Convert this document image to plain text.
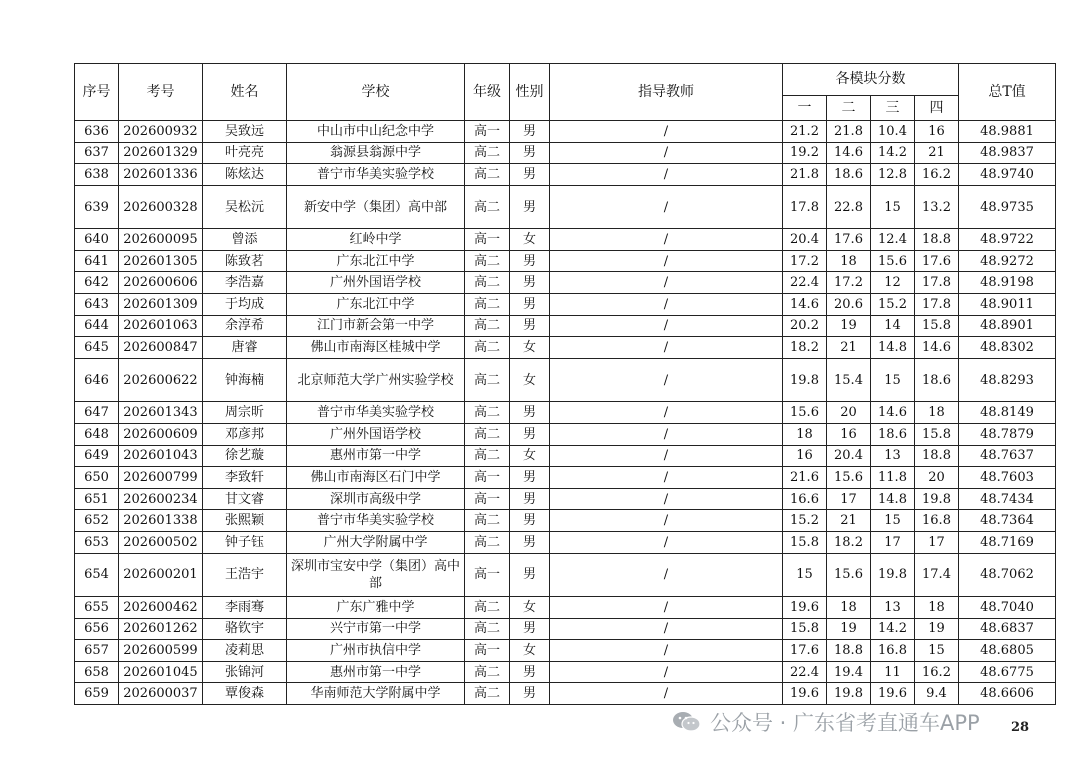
序号	考号	姓名	学校	年级	性别	指导教师	各模块分数				总T值
							一	二	三	四	
636	202600932	吴致远	中山市中山纪念中学	高一	男	/	21.2	21.8	10.4	16	48.9881
637	202601329	叶亮亮	翁源县翁源中学	高二	男	/	19.2	14.6	14.2	21	48.9837
638	202601336	陈炫达	普宁市华美实验学校	高二	男	/	21.8	18.6	12.8	16.2	48.9740
639	202600328	吴松沅	新安中学（集团）高中部	高二	男	/	17.8	22.8	15	13.2	48.9735
640	202600095	曾添	红岭中学	高一	女	/	20.4	17.6	12.4	18.8	48.9722
641	202601305	陈致茗	广东北江中学	高二	男	/	17.2	18	15.6	17.6	48.9272
642	202600606	李浩嘉	广州外国语学校	高二	男	/	22.4	17.2	12	17.8	48.9198
643	202601309	于均成	广东北江中学	高二	男	/	14.6	20.6	15.2	17.8	48.9011
644	202601063	余淳希	江门市新会第一中学	高二	男	/	20.2	19	14	15.8	48.8901
645	202600847	唐睿	佛山市南海区桂城中学	高二	女	/	18.2	21	14.8	14.6	48.8302
646	202600622	钟海楠	北京师范大学广州实验学校	高二	女	/	19.8	15.4	15	18.6	48.8293
647	202601343	周宗昕	普宁市华美实验学校	高二	男	/	15.6	20	14.6	18	48.8149
648	202600609	邓彦邦	广州外国语学校	高二	男	/	18	16	18.6	15.8	48.7879
649	202601043	徐艺璇	惠州市第一中学	高二	女	/	16	20.4	13	18.8	48.7637
650	202600799	李致轩	佛山市南海区石门中学	高一	男	/	21.6	15.6	11.8	20	48.7603
651	202600234	甘文睿	深圳市高级中学	高一	男	/	16.6	17	14.8	19.8	48.7434
652	202601338	张熙颖	普宁市华美实验学校	高二	男	/	15.2	21	15	16.8	48.7364
653	202600502	钟子钰	广州大学附属中学	高二	男	/	15.8	18.2	17	17	48.7169
654	202600201	王浩宇	深圳市宝安中学（集团）高中部	高一	男	/	15	15.6	19.8	17.4	48.7062
655	202600462	李雨骞	广东广雅中学	高二	女	/	19.6	18	13	18	48.7040
656	202601262	骆钦宇	兴宁市第一中学	高二	男	/	15.8	19	14.2	19	48.6837
657	202600599	凌莉思	广州市执信中学	高一	女	/	17.6	18.8	16.8	15	48.6805
658	202601045	张锦河	惠州市第一中学	高二	男	/	22.4	19.4	11	16.2	48.6775
659	202600037	覃俊森	华南师范大学附属中学	高二	男	/	19.6	19.8	19.6	9.4	48.6606
公众号 · 广东省考直通车APP 28
